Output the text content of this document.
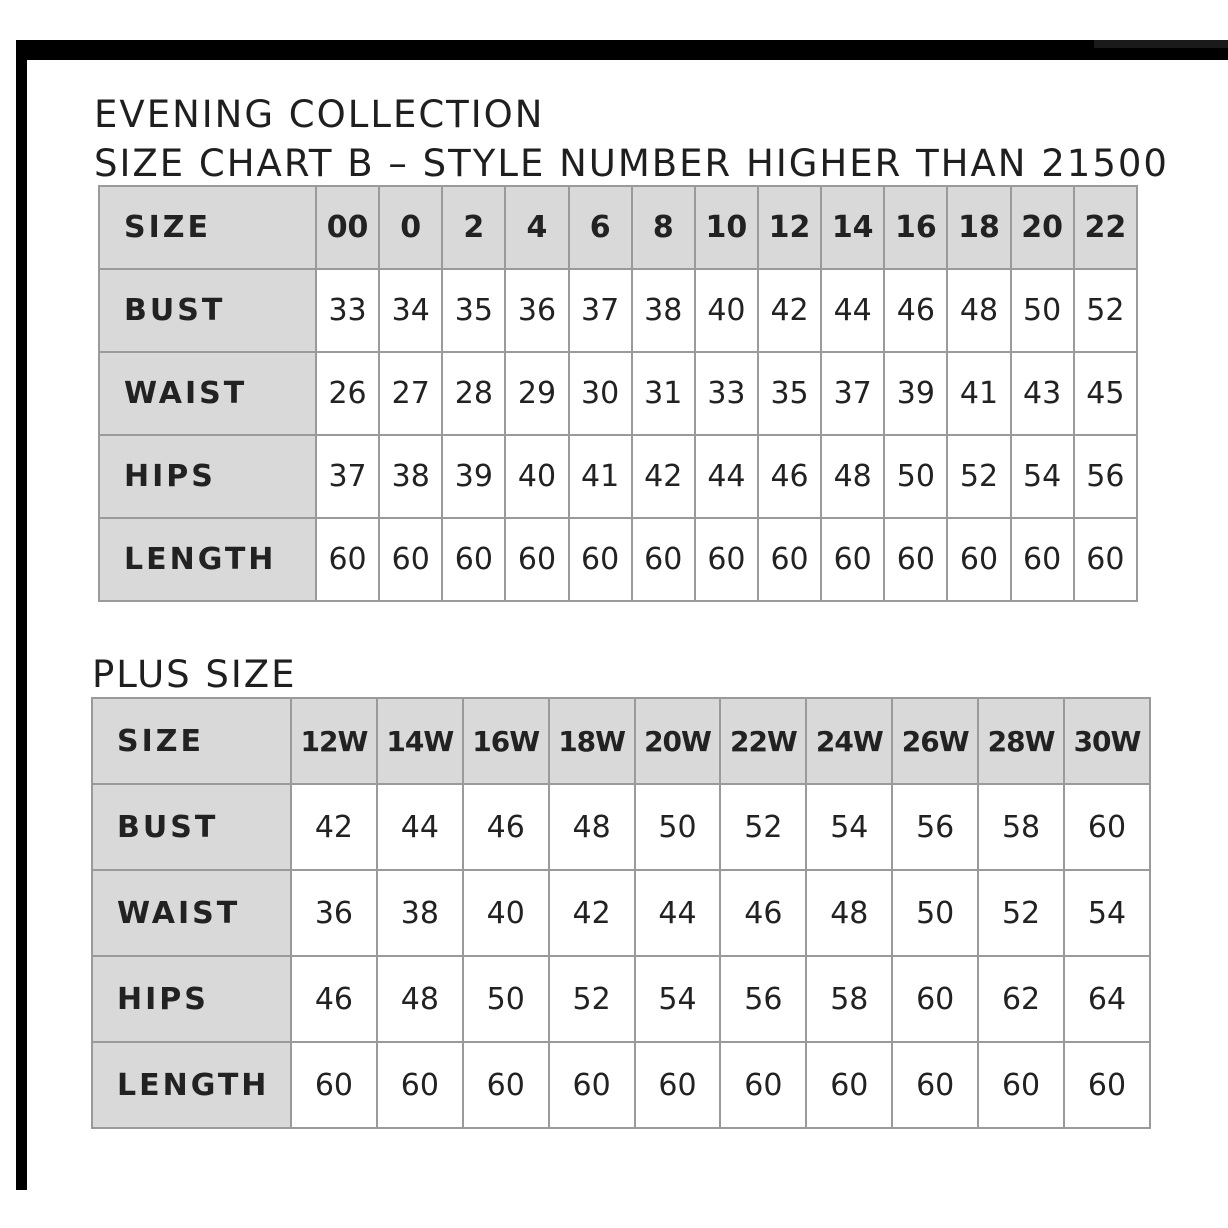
EVENING COLLECTION
SIZE CHART B – STYLE NUMBER HIGHER THAN 21500
SIZE	00	0	2	4	6	8	10	12	14	16	18	20	22
BUST	33	34	35	36	37	38	40	42	44	46	48	50	52
WAIST	26	27	28	29	30	31	33	35	37	39	41	43	45
HIPS	37	38	39	40	41	42	44	46	48	50	52	54	56
LENGTH	60	60	60	60	60	60	60	60	60	60	60	60	60
PLUS SIZE
SIZE	12W	14W	16W	18W	20W	22W	24W	26W	28W	30W
BUST	42	44	46	48	50	52	54	56	58	60
WAIST	36	38	40	42	44	46	48	50	52	54
HIPS	46	48	50	52	54	56	58	60	62	64
LENGTH	60	60	60	60	60	60	60	60	60	60
